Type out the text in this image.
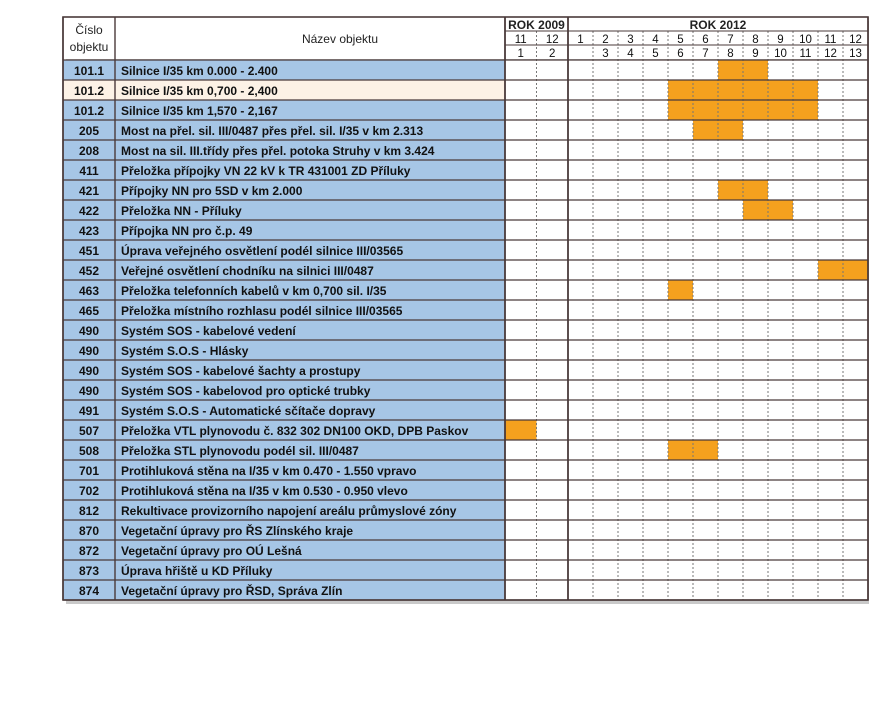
Číslo
objektu
Název objektu
ROK 2009	ROK 2012
11
1
12
2
1 2
3
3
4
4
5
5
6
6
7
7
8
8
9
9
10
10
11
11
12
12
13
101.1 Silnice I/35 km 0.000 - 2.400
101.2 Silnice I/35 km 0,700 - 2,400
101.2 Silnice I/35 km 1,570 - 2,167
205 Most na přel. sil. III/0487 přes přel. sil. I/35 v km 2.313
208 Most na sil. III.třídy přes přel. potoka Struhy v km 3.424
411 Přeložka přípojky VN 22 kV k TR 431001 ZD Příluky
421 Přípojky NN pro 5SD v km 2.000
422 Přeložka NN - Příluky
423 Přípojka NN pro č.p. 49
451 Úprava veřejného osvětlení podél silnice III/03565
452 Veřejné osvětlení chodníku na silnici III/0487
463 Přeložka telefonních kabelů v km 0,700 sil. I/35
465 Přeložka místního rozhlasu podél silnice III/03565
490 Systém SOS - kabelové vedení
490 Systém S.O.S - Hlásky
490 Systém SOS - kabelové šachty a prostupy
490 Systém SOS - kabelovod pro optické trubky
491 Systém S.O.S - Automatické sčítače dopravy
507 Přeložka VTL plynovodu č. 832 302 DN100 OKD, DPB Paskov
508 Přeložka STL plynovodu podél sil. III/0487
701 Protihluková stěna na I/35 v km 0.470 - 1.550 vpravo
702 Protihluková stěna na I/35 v km 0.530 - 0.950 vlevo
812 Rekultivace provizorního napojení areálu průmyslové zóny
870 Vegetační úpravy pro ŘS Zlínského kraje
872 Vegetační úpravy pro OÚ Lešná
873 Úprava hřiště u KD Příluky
874 Vegetační úpravy pro ŘSD, Správa Zlín
